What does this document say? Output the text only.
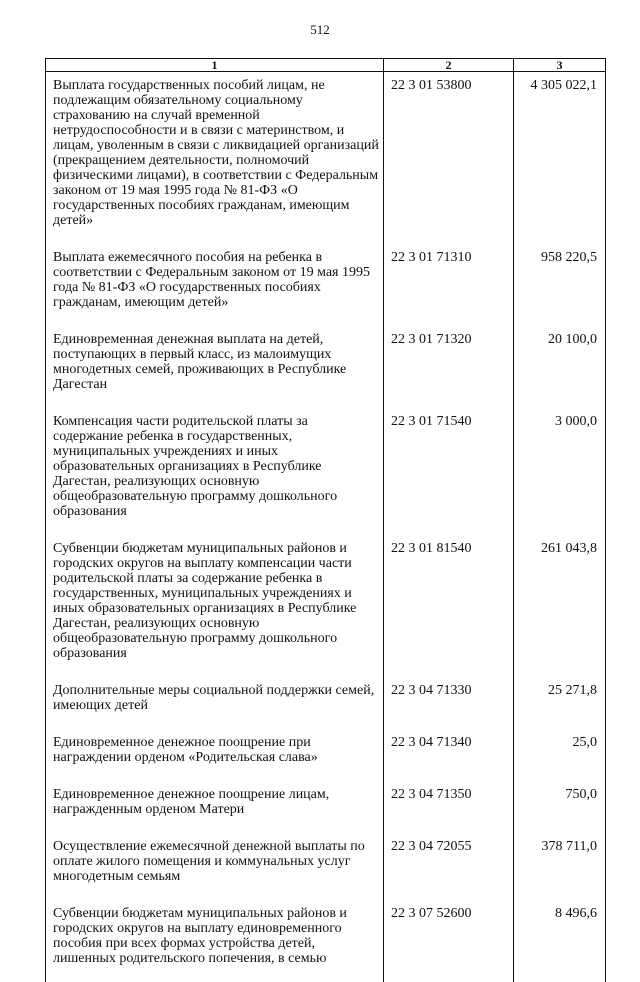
512
1	2	3
Выплата государственных пособий лицам, не подлежащим обязательному социальному страхованию на случай временной нетрудоспособности и в связи с материнством, и лицам, уволенным в связи с ликвидацией организаций (прекращением деятельности, полномочий физическими лицами), в соответствии с Федеральным законом от 19 мая 1995 года № 81-ФЗ «О государственных пособиях гражданам, имеющим детей»	22 3 01 53800	4 305 022,1
Выплата ежемесячного пособия на ребенка в соответствии с Федеральным законом от 19 мая 1995 года № 81-ФЗ «О государственных пособиях гражданам, имеющим детей»	22 3 01 71310	958 220,5
Единовременная денежная выплата на детей, поступающих в первый класс, из малоимущих многодетных семей, проживающих в Республике Дагестан	22 3 01 71320	20 100,0
Компенсация части родительской платы за содержание ребенка в государственных, муниципальных учреждениях и иных образовательных организациях в Республике Дагестан, реализующих основную общеобразовательную программу дошкольного образования	22 3 01 71540	3 000,0
Субвенции бюджетам муниципальных районов и городских округов на выплату компенсации части родительской платы за содержание ребенка в государственных, муниципальных учреждениях и иных образовательных организациях в Республике Дагестан, реализующих основную общеобразовательную программу дошкольного образования	22 3 01 81540	261 043,8
Дополнительные меры социальной поддержки семей, имеющих детей	22 3 04 71330	25 271,8
Единовременное денежное поощрение при награждении орденом «Родительская слава»	22 3 04 71340	25,0
Единовременное денежное поощрение лицам, награжденным орденом Матери	22 3 04 71350	750,0
Осуществление ежемесячной денежной выплаты по оплате жилого помещения и коммунальных услуг многодетным семьям	22 3 04 72055	378 711,0
Субвенции бюджетам муниципальных районов и городских округов на выплату единовременного пособия при всех формах устройства детей, лишенных родительского попечения, в семью	22 3 07 52600	8 496,6
